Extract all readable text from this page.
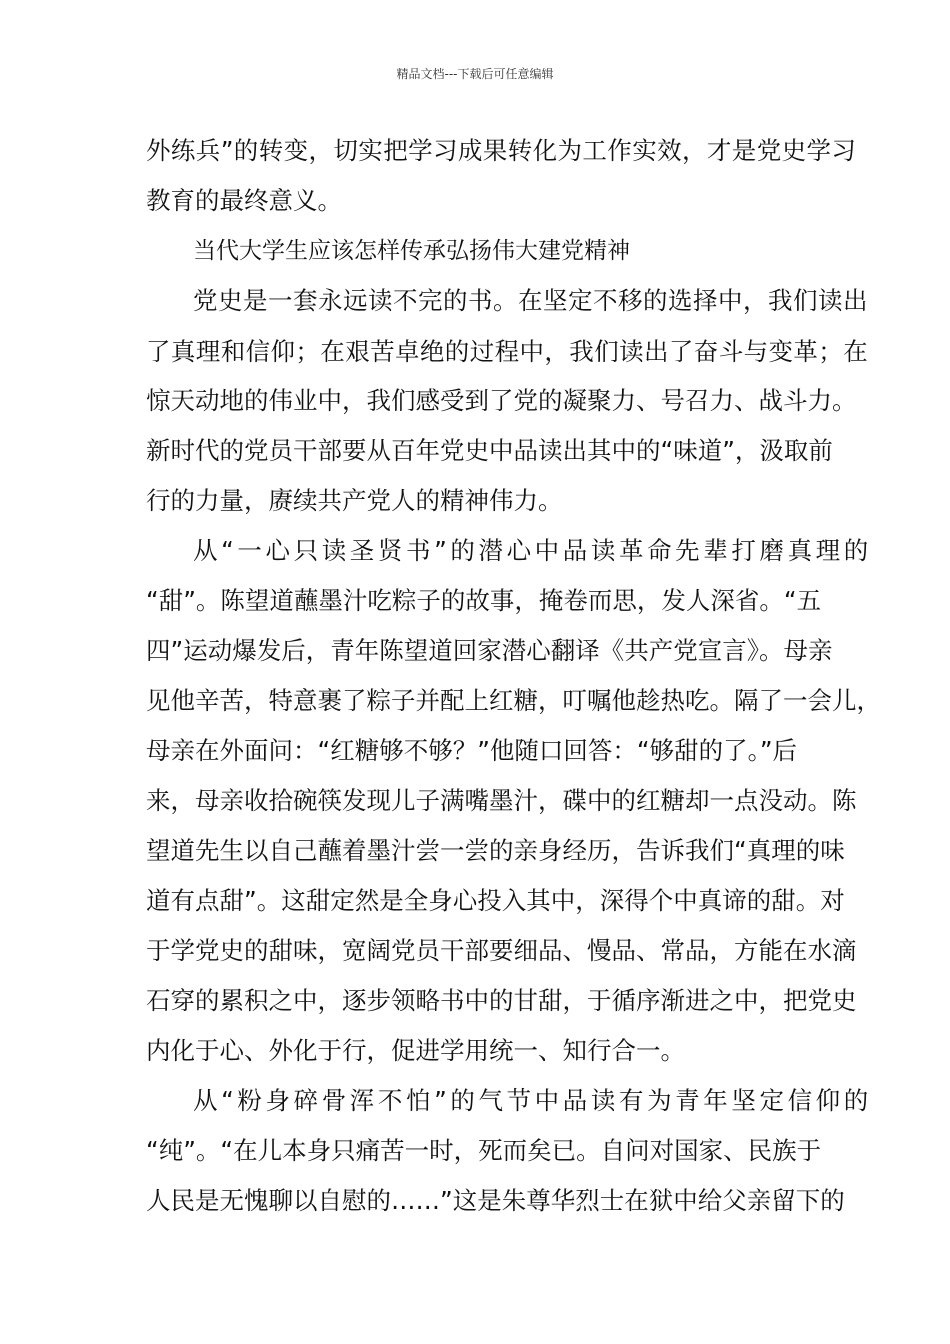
精品文档---下载后可任意编辑
外练兵”的转变，切实把学习成果转化为工作实效，才是党史学习
教育的最终意义。
当代大学生应该怎样传承弘扬伟大建党精神
党史是一套永远读不完的书。在坚定不移的选择中，我们读出
了真理和信仰；在艰苦卓绝的过程中，我们读出了奋斗与变革；在
惊天动地的伟业中，我们感受到了党的凝聚力、号召力、战斗力。
新时代的党员干部要从百年党史中品读出其中的“味道”，汲取前
行的力量，赓续共产党人的精神伟力。
从“一心只读圣贤书”的潜心中品读革命先辈打磨真理的
“甜”。陈望道蘸墨汁吃粽子的故事，掩卷而思，发人深省。“五
四”运动爆发后，青年陈望道回家潜心翻译《共产党宣言》。母亲
见他辛苦，特意裹了粽子并配上红糖，叮嘱他趁热吃。隔了一会儿，
母亲在外面问：“红糖够不够？”他随口回答：“够甜的了。”后
来，母亲收拾碗筷发现儿子满嘴墨汁，碟中的红糖却一点没动。陈
望道先生以自己蘸着墨汁尝一尝的亲身经历，告诉我们“真理的味
道有点甜”。这甜定然是全身心投入其中，深得个中真谛的甜。对
于学党史的甜味，宽阔党员干部要细品、慢品、常品，方能在水滴
石穿的累积之中，逐步领略书中的甘甜，于循序渐进之中，把党史
内化于心、外化于行，促进学用统一、知行合一。
从“粉身碎骨浑不怕”的气节中品读有为青年坚定信仰的
“纯”。“在儿本身只痛苦一时，死而矣已。自问对国家、民族于
人民是无愧聊以自慰的……”这是朱尊华烈士在狱中给父亲留下的
